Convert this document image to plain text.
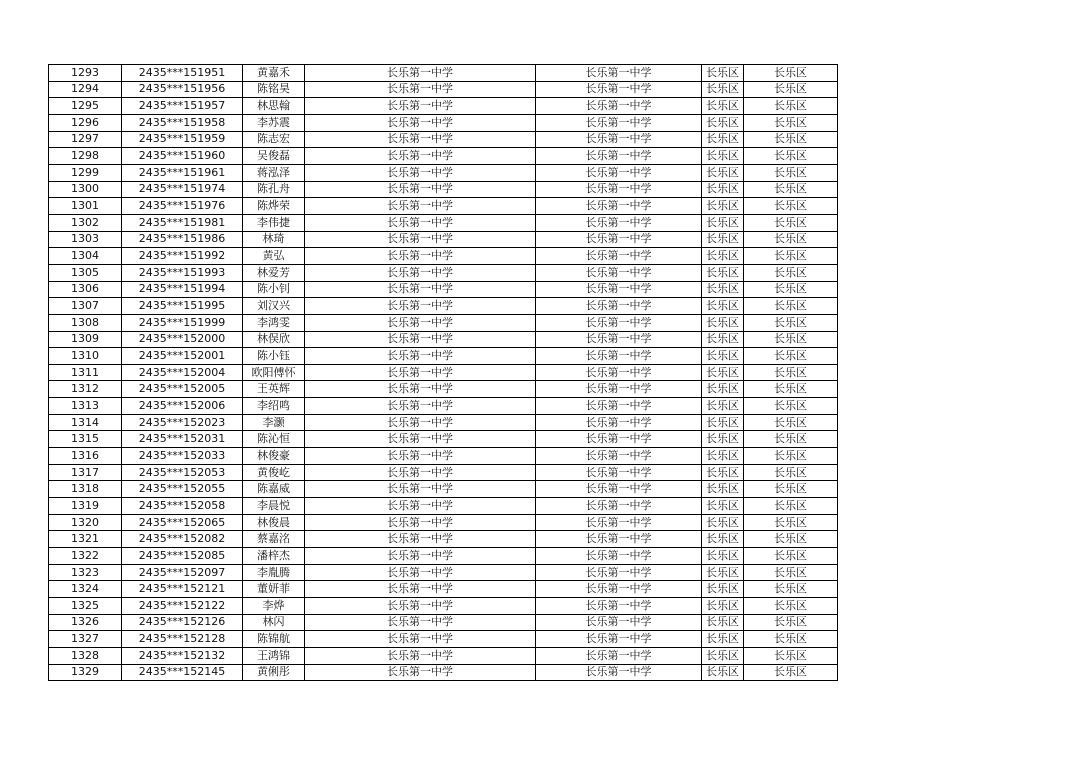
1293	2435***151951	黄嘉禾	长乐第一中学	长乐第一中学	长乐区	长乐区
1294	2435***151956	陈铭昊	长乐第一中学	长乐第一中学	长乐区	长乐区
1295	2435***151957	林思翰	长乐第一中学	长乐第一中学	长乐区	长乐区
1296	2435***151958	李苏震	长乐第一中学	长乐第一中学	长乐区	长乐区
1297	2435***151959	陈志宏	长乐第一中学	长乐第一中学	长乐区	长乐区
1298	2435***151960	吴俊磊	长乐第一中学	长乐第一中学	长乐区	长乐区
1299	2435***151961	蒋泓泽	长乐第一中学	长乐第一中学	长乐区	长乐区
1300	2435***151974	陈孔舟	长乐第一中学	长乐第一中学	长乐区	长乐区
1301	2435***151976	陈烨荣	长乐第一中学	长乐第一中学	长乐区	长乐区
1302	2435***151981	李伟捷	长乐第一中学	长乐第一中学	长乐区	长乐区
1303	2435***151986	林琦	长乐第一中学	长乐第一中学	长乐区	长乐区
1304	2435***151992	黄弘	长乐第一中学	长乐第一中学	长乐区	长乐区
1305	2435***151993	林爱芳	长乐第一中学	长乐第一中学	长乐区	长乐区
1306	2435***151994	陈小钊	长乐第一中学	长乐第一中学	长乐区	长乐区
1307	2435***151995	刘汉兴	长乐第一中学	长乐第一中学	长乐区	长乐区
1308	2435***151999	李鸿雯	长乐第一中学	长乐第一中学	长乐区	长乐区
1309	2435***152000	林俣欣	长乐第一中学	长乐第一中学	长乐区	长乐区
1310	2435***152001	陈小钰	长乐第一中学	长乐第一中学	长乐区	长乐区
1311	2435***152004	欧阳傅怀	长乐第一中学	长乐第一中学	长乐区	长乐区
1312	2435***152005	王英辉	长乐第一中学	长乐第一中学	长乐区	长乐区
1313	2435***152006	李绍鸣	长乐第一中学	长乐第一中学	长乐区	长乐区
1314	2435***152023	李灏	长乐第一中学	长乐第一中学	长乐区	长乐区
1315	2435***152031	陈沁恒	长乐第一中学	长乐第一中学	长乐区	长乐区
1316	2435***152033	林俊豪	长乐第一中学	长乐第一中学	长乐区	长乐区
1317	2435***152053	黄俊屹	长乐第一中学	长乐第一中学	长乐区	长乐区
1318	2435***152055	陈嘉威	长乐第一中学	长乐第一中学	长乐区	长乐区
1319	2435***152058	李晨悦	长乐第一中学	长乐第一中学	长乐区	长乐区
1320	2435***152065	林俊晨	长乐第一中学	长乐第一中学	长乐区	长乐区
1321	2435***152082	蔡嘉洺	长乐第一中学	长乐第一中学	长乐区	长乐区
1322	2435***152085	潘梓杰	长乐第一中学	长乐第一中学	长乐区	长乐区
1323	2435***152097	李胤腾	长乐第一中学	长乐第一中学	长乐区	长乐区
1324	2435***152121	董妍菲	长乐第一中学	长乐第一中学	长乐区	长乐区
1325	2435***152122	李烨	长乐第一中学	长乐第一中学	长乐区	长乐区
1326	2435***152126	林闪	长乐第一中学	长乐第一中学	长乐区	长乐区
1327	2435***152128	陈锦航	长乐第一中学	长乐第一中学	长乐区	长乐区
1328	2435***152132	王鸿锦	长乐第一中学	长乐第一中学	长乐区	长乐区
1329	2435***152145	黄俐彤	长乐第一中学	长乐第一中学	长乐区	长乐区
